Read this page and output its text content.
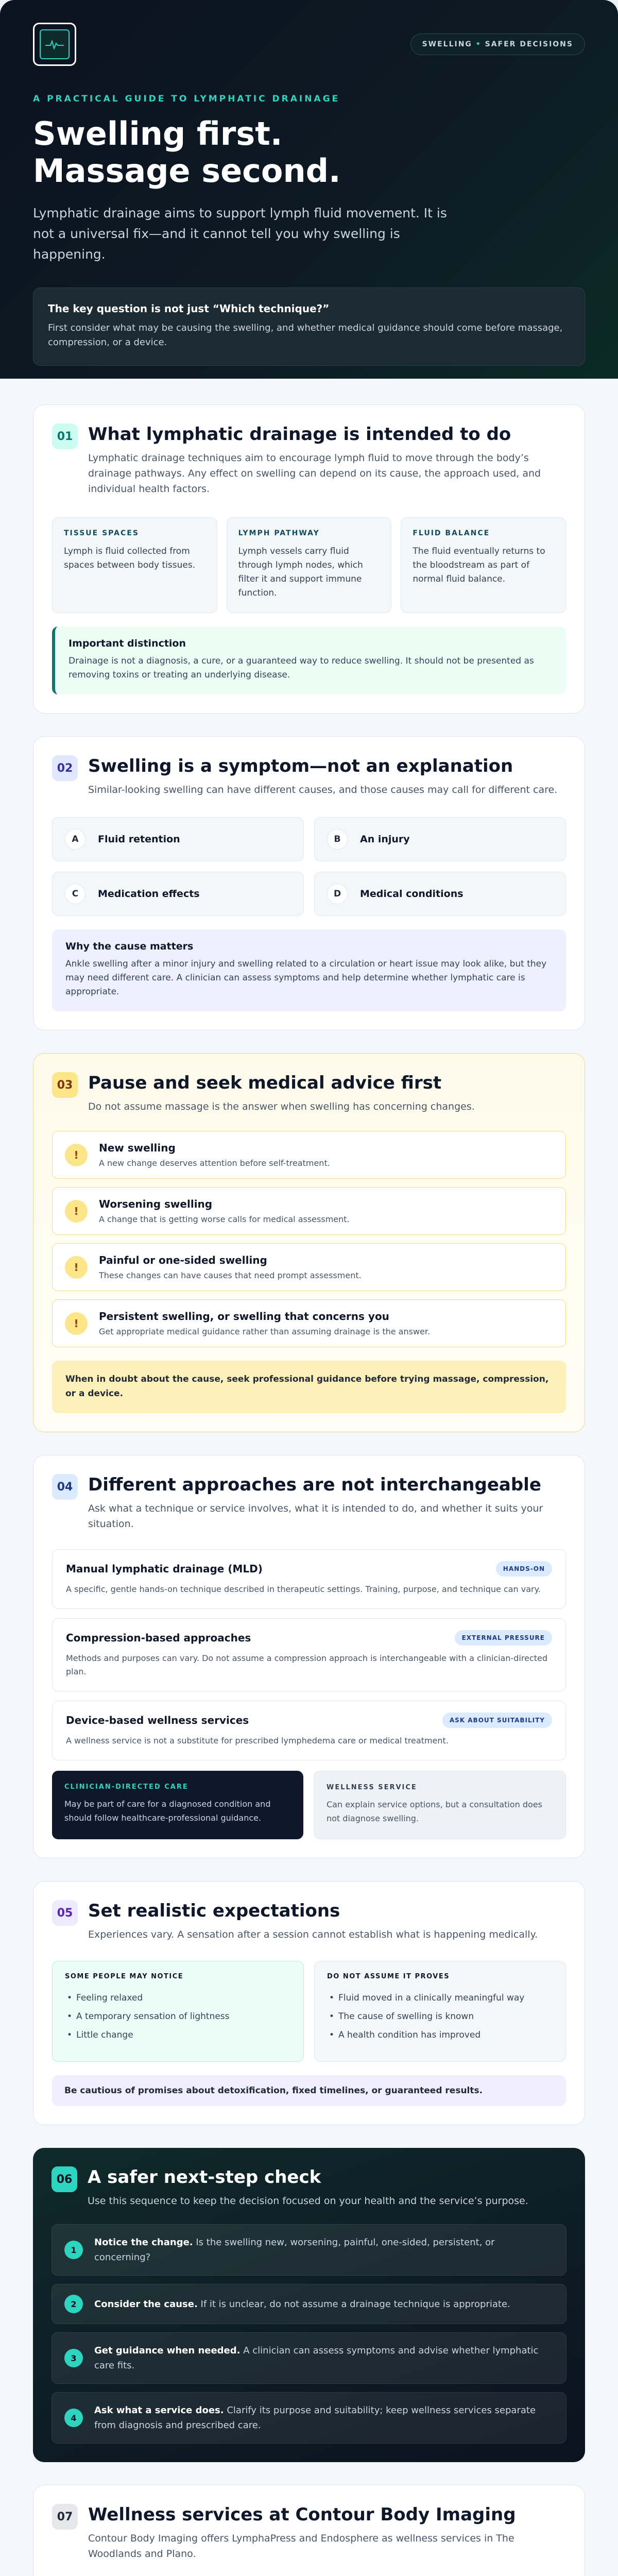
SWELLING • SAFER DECISIONS
A PRACTICAL GUIDE TO LYMPHATIC DRAINAGE
Swelling first.
Massage second.

Lymphatic drainage aims to support lymph fluid movement. It is not a universal fix—and it cannot tell you why swelling is happening.

The key question is not just “Which technique?”
First consider what may be causing the swelling, and whether medical guidance should come before massage, compression, or a device.
01 What lymphatic drainage is intended to do

Lymphatic drainage techniques aim to encourage lymph fluid to move through the body’s drainage pathways. Any effect on swelling can depend on its cause, the approach used, and individual health factors.

TISSUE SPACES
Lymph is fluid collected from spaces between body tissues.
LYMPH PATHWAY
Lymph vessels carry fluid through lymph nodes, which filter it and support immune function.
FLUID BALANCE
The fluid eventually returns to the bloodstream as part of normal fluid balance.
Important distinction
Drainage is not a diagnosis, a cure, or a guaranteed way to reduce swelling. It should not be presented as removing toxins or treating an underlying disease.
02 Swelling is a symptom—not an explanation

Similar-looking swelling can have different causes, and those causes may call for different care.

A	Fluid retention	B	An injury
C	Medication effects	D	Medical conditions
Why the cause matters
Ankle swelling after a minor injury and swelling related to a circulation or heart issue may look alike, but they may need different care. A clinician can assess symptoms and help determine whether lymphatic care is appropriate.
03 Pause and seek medical advice first

Do not assume massage is the answer when swelling has concerning changes.

!
New swelling
A new change deserves attention before self-treatment.
!
Worsening swelling
A change that is getting worse calls for medical assessment.
!
Painful or one-sided swelling
These changes can have causes that need prompt assessment.
!
Persistent swelling, or swelling that concerns you
Get appropriate medical guidance rather than assuming drainage is the answer.
When in doubt about the cause, seek professional guidance before trying massage, compression, or a device.
04 Different approaches are not interchangeable

Ask what a technique or service involves, what it is intended to do, and whether it suits your situation.

Manual lymphatic drainage (MLD)	HANDS-ON
A specific, gentle hands-on technique described in therapeutic settings. Training, purpose, and technique can vary.
Compression-based approaches	EXTERNAL PRESSURE
Methods and purposes can vary. Do not assume a compression approach is interchangeable with a clinician-directed plan.
Device-based wellness services	ASK ABOUT SUITABILITY
A wellness service is not a substitute for prescribed lymphedema care or medical treatment.
CLINICIAN-DIRECTED CARE
May be part of care for a diagnosed condition and should follow healthcare-professional guidance.
WELLNESS SERVICE
Can explain service options, but a consultation does not diagnose swelling.
05 Set realistic expectations

Experiences vary. A sensation after a session cannot establish what is happening medically.

SOME PEOPLE MAY NOTICE
• Feeling relaxed
• A temporary sensation of lightness
• Little change
DO NOT ASSUME IT PROVES
• Fluid moved in a clinically meaningful way
• The cause of swelling is known
• A health condition has improved
Be cautious of promises about detoxification, fixed timelines, or guaranteed results.
06 A safer next-step check

Use this sequence to keep the decision focused on your health and the service’s purpose.

1
Notice the change. Is the swelling new, worsening, painful, one-sided, persistent, or concerning?
2	Consider the cause. If it is unclear, do not assume a drainage technique is appropriate.
3
Get guidance when needed. A clinician can assess symptoms and advise whether lymphatic care fits.
4
Ask what a service does. Clarify its purpose and suitability; keep wellness services separate from diagnosis and prescribed care.
07 Wellness services at Contour Body Imaging

Contour Body Imaging offers LymphaPress and Endosphere as wellness services in The Woodlands and Plano.
